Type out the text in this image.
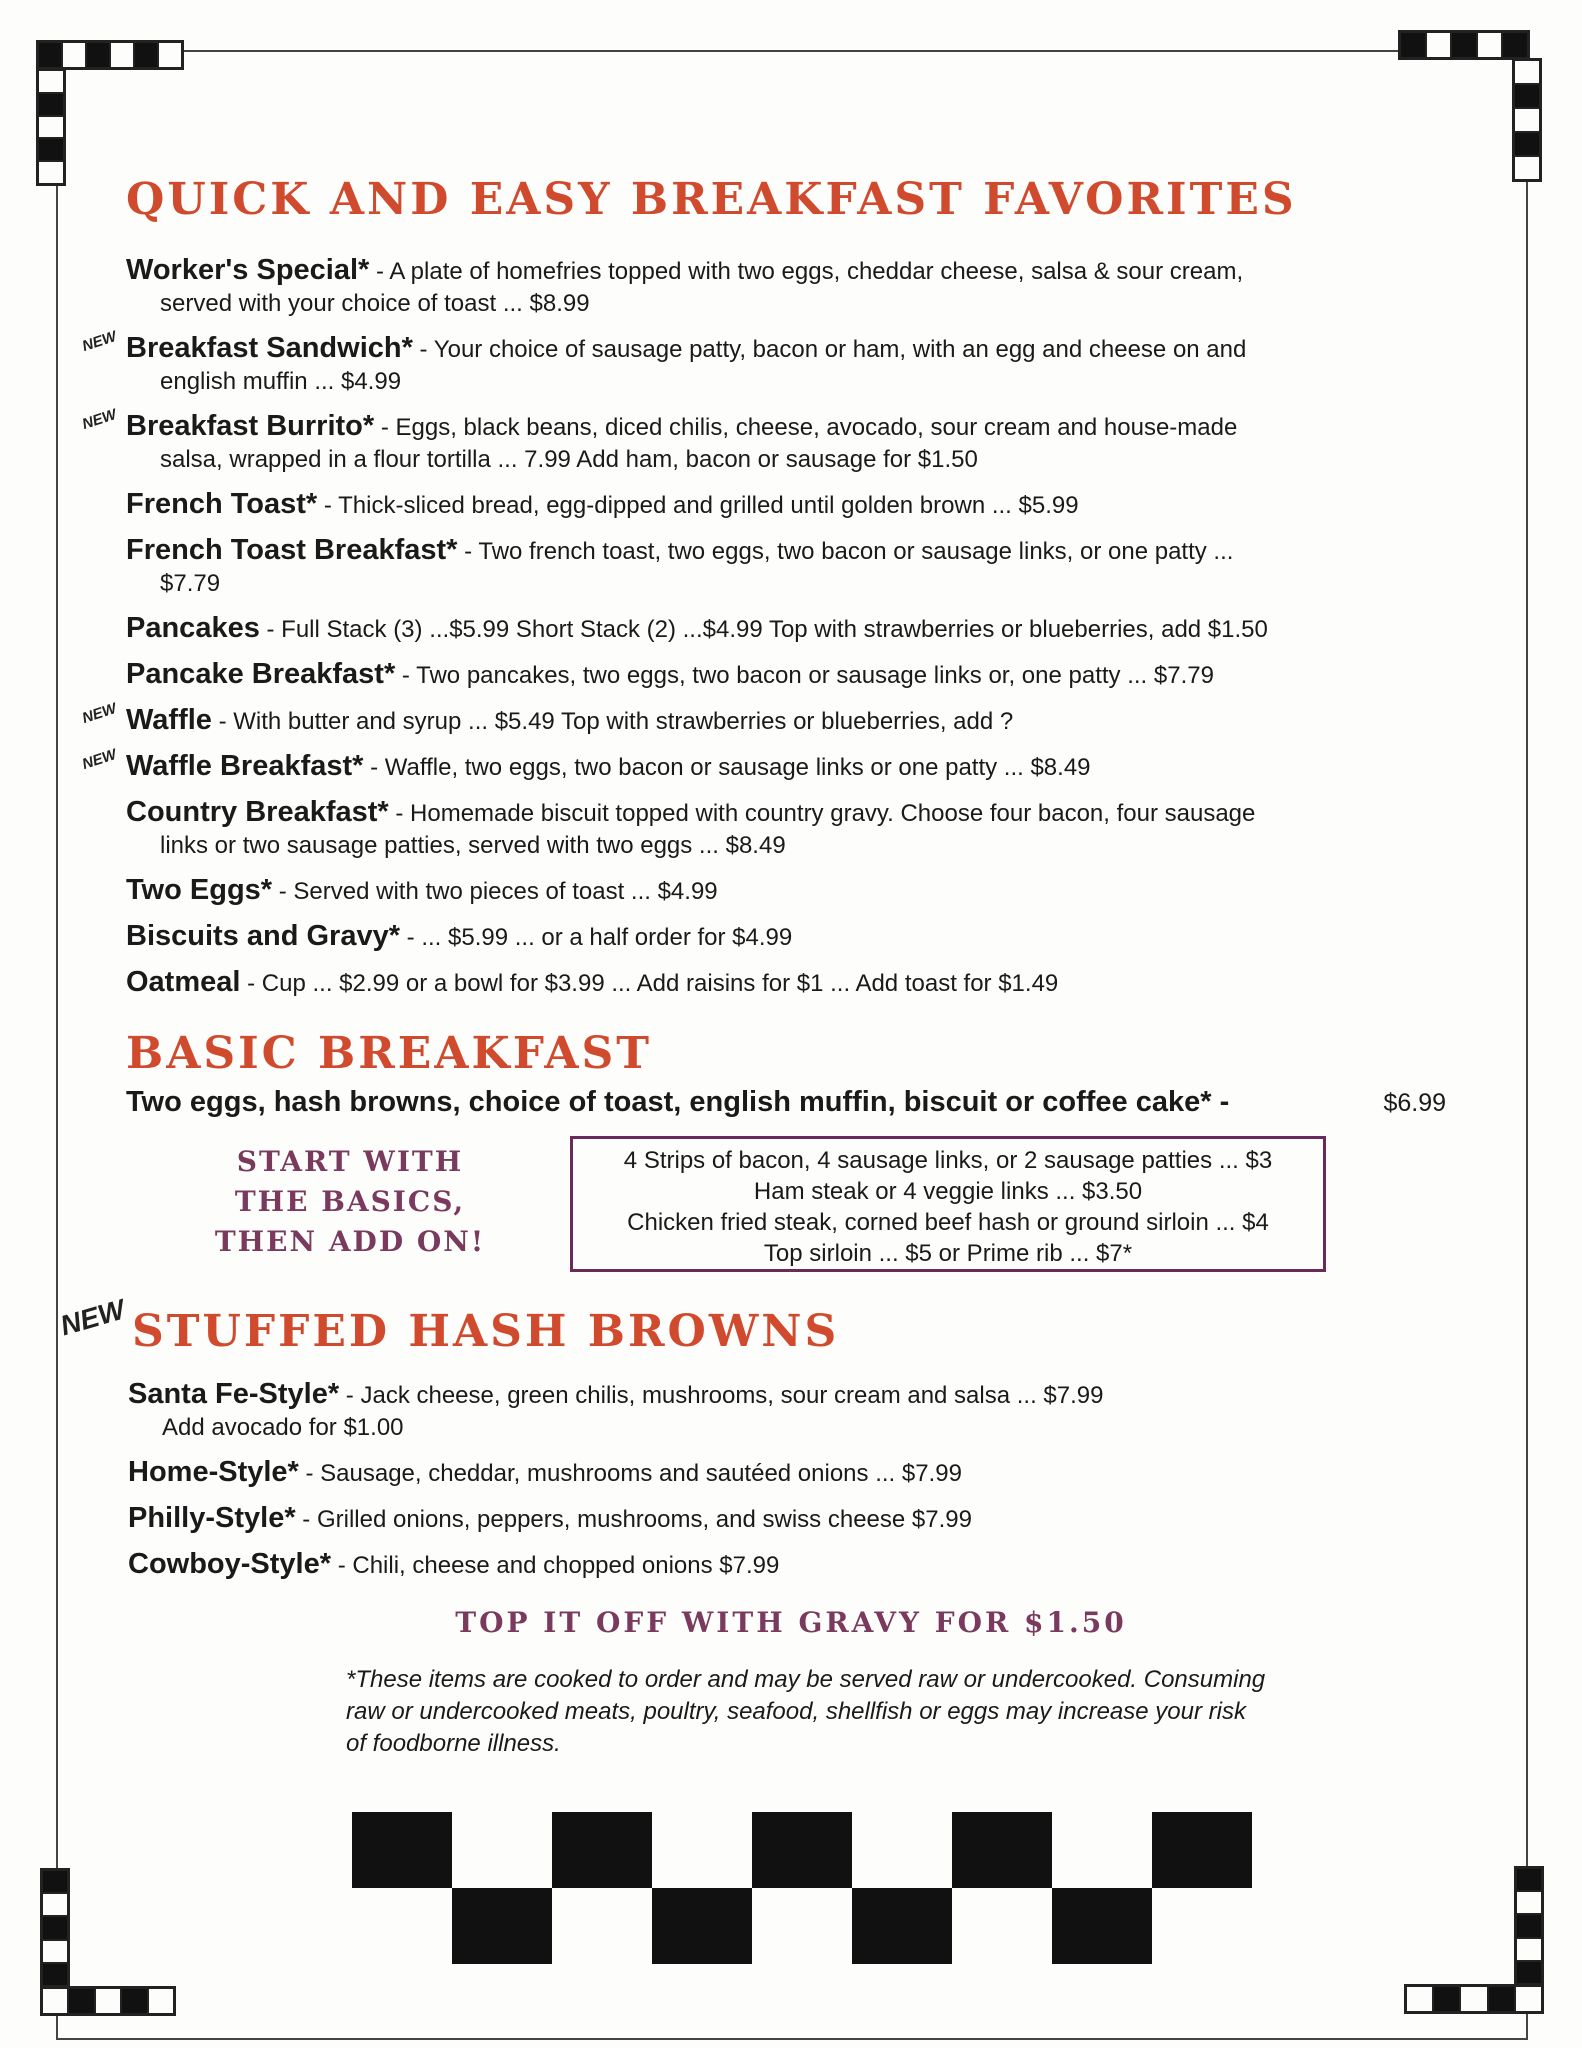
QUICK AND EASY BREAKFAST FAVORITES
Worker's Special* - A plate of homefries topped with two eggs, cheddar cheese, salsa & sour cream,
served with your choice of toast ... $8.99
NEW Breakfast Sandwich* - Your choice of sausage patty, bacon or ham, with an egg and cheese on and
english muffin ... $4.99
NEW Breakfast Burrito* - Eggs, black beans, diced chilis, cheese, avocado, sour cream and house-made
salsa, wrapped in a flour tortilla ... 7.99 Add ham, bacon or sausage for $1.50
French Toast* - Thick-sliced bread, egg-dipped and grilled until golden brown ... $5.99
French Toast Breakfast* - Two french toast, two eggs, two bacon or sausage links, or one patty ...
$7.79
Pancakes - Full Stack (3) ...$5.99 Short Stack (2) ...$4.99 Top with strawberries or blueberries, add $1.50
Pancake Breakfast* - Two pancakes, two eggs, two bacon or sausage links or, one patty ... $7.79
NEW Waffle - With butter and syrup ... $5.49 Top with strawberries or blueberries, add ?
NEW Waffle Breakfast* - Waffle, two eggs, two bacon or sausage links or one patty ... $8.49
Country Breakfast* - Homemade biscuit topped with country gravy. Choose four bacon, four sausage
links or two sausage patties, served with two eggs ... $8.49
Two Eggs* - Served with two pieces of toast ... $4.99
Biscuits and Gravy* - ... $5.99 ... or a half order for $4.99
Oatmeal - Cup ... $2.99 or a bowl for $3.99 ... Add raisins for $1 ... Add toast for $1.49
BASIC BREAKFAST
Two eggs, hash browns, choice of toast, english muffin, biscuit or coffee cake* -	$6.99
START WITH
THE BASICS,
THEN ADD ON!
4 Strips of bacon, 4 sausage links, or 2 sausage patties ... $3
Ham steak or 4 veggie links ... $3.50
Chicken fried steak, corned beef hash or ground sirloin ... $4
Top sirloin ... $5 or Prime rib ... $7*
NEW STUFFED HASH BROWNS
Santa Fe-Style* - Jack cheese, green chilis, mushrooms, sour cream and salsa ... $7.99
Add avocado for $1.00
Home-Style* - Sausage, cheddar, mushrooms and sautéed onions ... $7.99
Philly-Style* - Grilled onions, peppers, mushrooms, and swiss cheese $7.99
Cowboy-Style* - Chili, cheese and chopped onions $7.99
TOP IT OFF WITH GRAVY FOR $1.50
*These items are cooked to order and may be served raw or undercooked. Consuming raw or undercooked meats, poultry, seafood, shellfish or eggs may increase your risk of foodborne illness.
